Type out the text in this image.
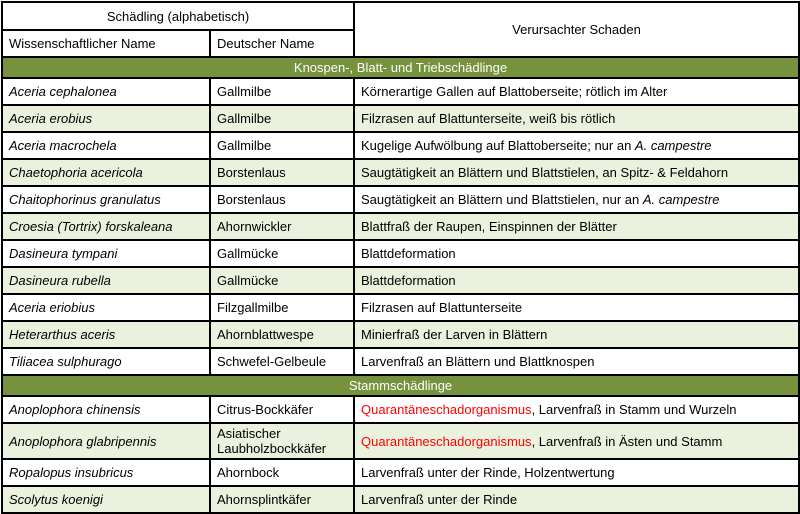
Schädling (alphabetisch)		Verursachter Schaden
Wissenschaftlicher Name	Deutscher Name	
Knospen-, Blatt- und Triebschädlinge		
Aceria cephalonea	Gallmilbe	Körnerartige Gallen auf Blattoberseite; rötlich im Alter
Aceria erobius	Gallmilbe	Filzrasen auf Blattunterseite, weiß bis rötlich
Aceria macrochela	Gallmilbe	Kugelige Aufwölbung auf Blattoberseite; nur an A. campestre
Chaetophoria acericola	Borstenlaus	Saugtätigkeit an Blättern und Blattstielen, an Spitz- & Feldahorn
Chaitophorinus granulatus	Borstenlaus	Saugtätigkeit an Blättern und Blattstielen, nur an A. campestre
Croesia (Tortrix) forskaleana	Ahornwickler	Blattfraß der Raupen, Einspinnen der Blätter
Dasineura tympani	Gallmücke	Blattdeformation
Dasineura rubella	Gallmücke	Blattdeformation
Aceria eriobius	Filzgallmilbe	Filzrasen auf Blattunterseite
Heterarthus aceris	Ahornblattwespe	Minierfraß der Larven in Blättern
Tiliacea sulphurago	Schwefel-Gelbeule	Larvenfraß an Blättern und Blattknospen
Stammschädlinge		
Anoplophora chinensis	Citrus-Bockkäfer	Quarantäneschadorganismus, Larvenfraß in Stamm und Wurzeln
Anoplophora glabripennis	Asiatischer Laubholzbockkäfer	Quarantäneschadorganismus, Larvenfraß in Ästen und Stamm
Ropalopus insubricus	Ahornbock	Larvenfraß unter der Rinde, Holzentwertung
Scolytus koenigi	Ahornsplintkäfer	Larvenfraß unter der Rinde
